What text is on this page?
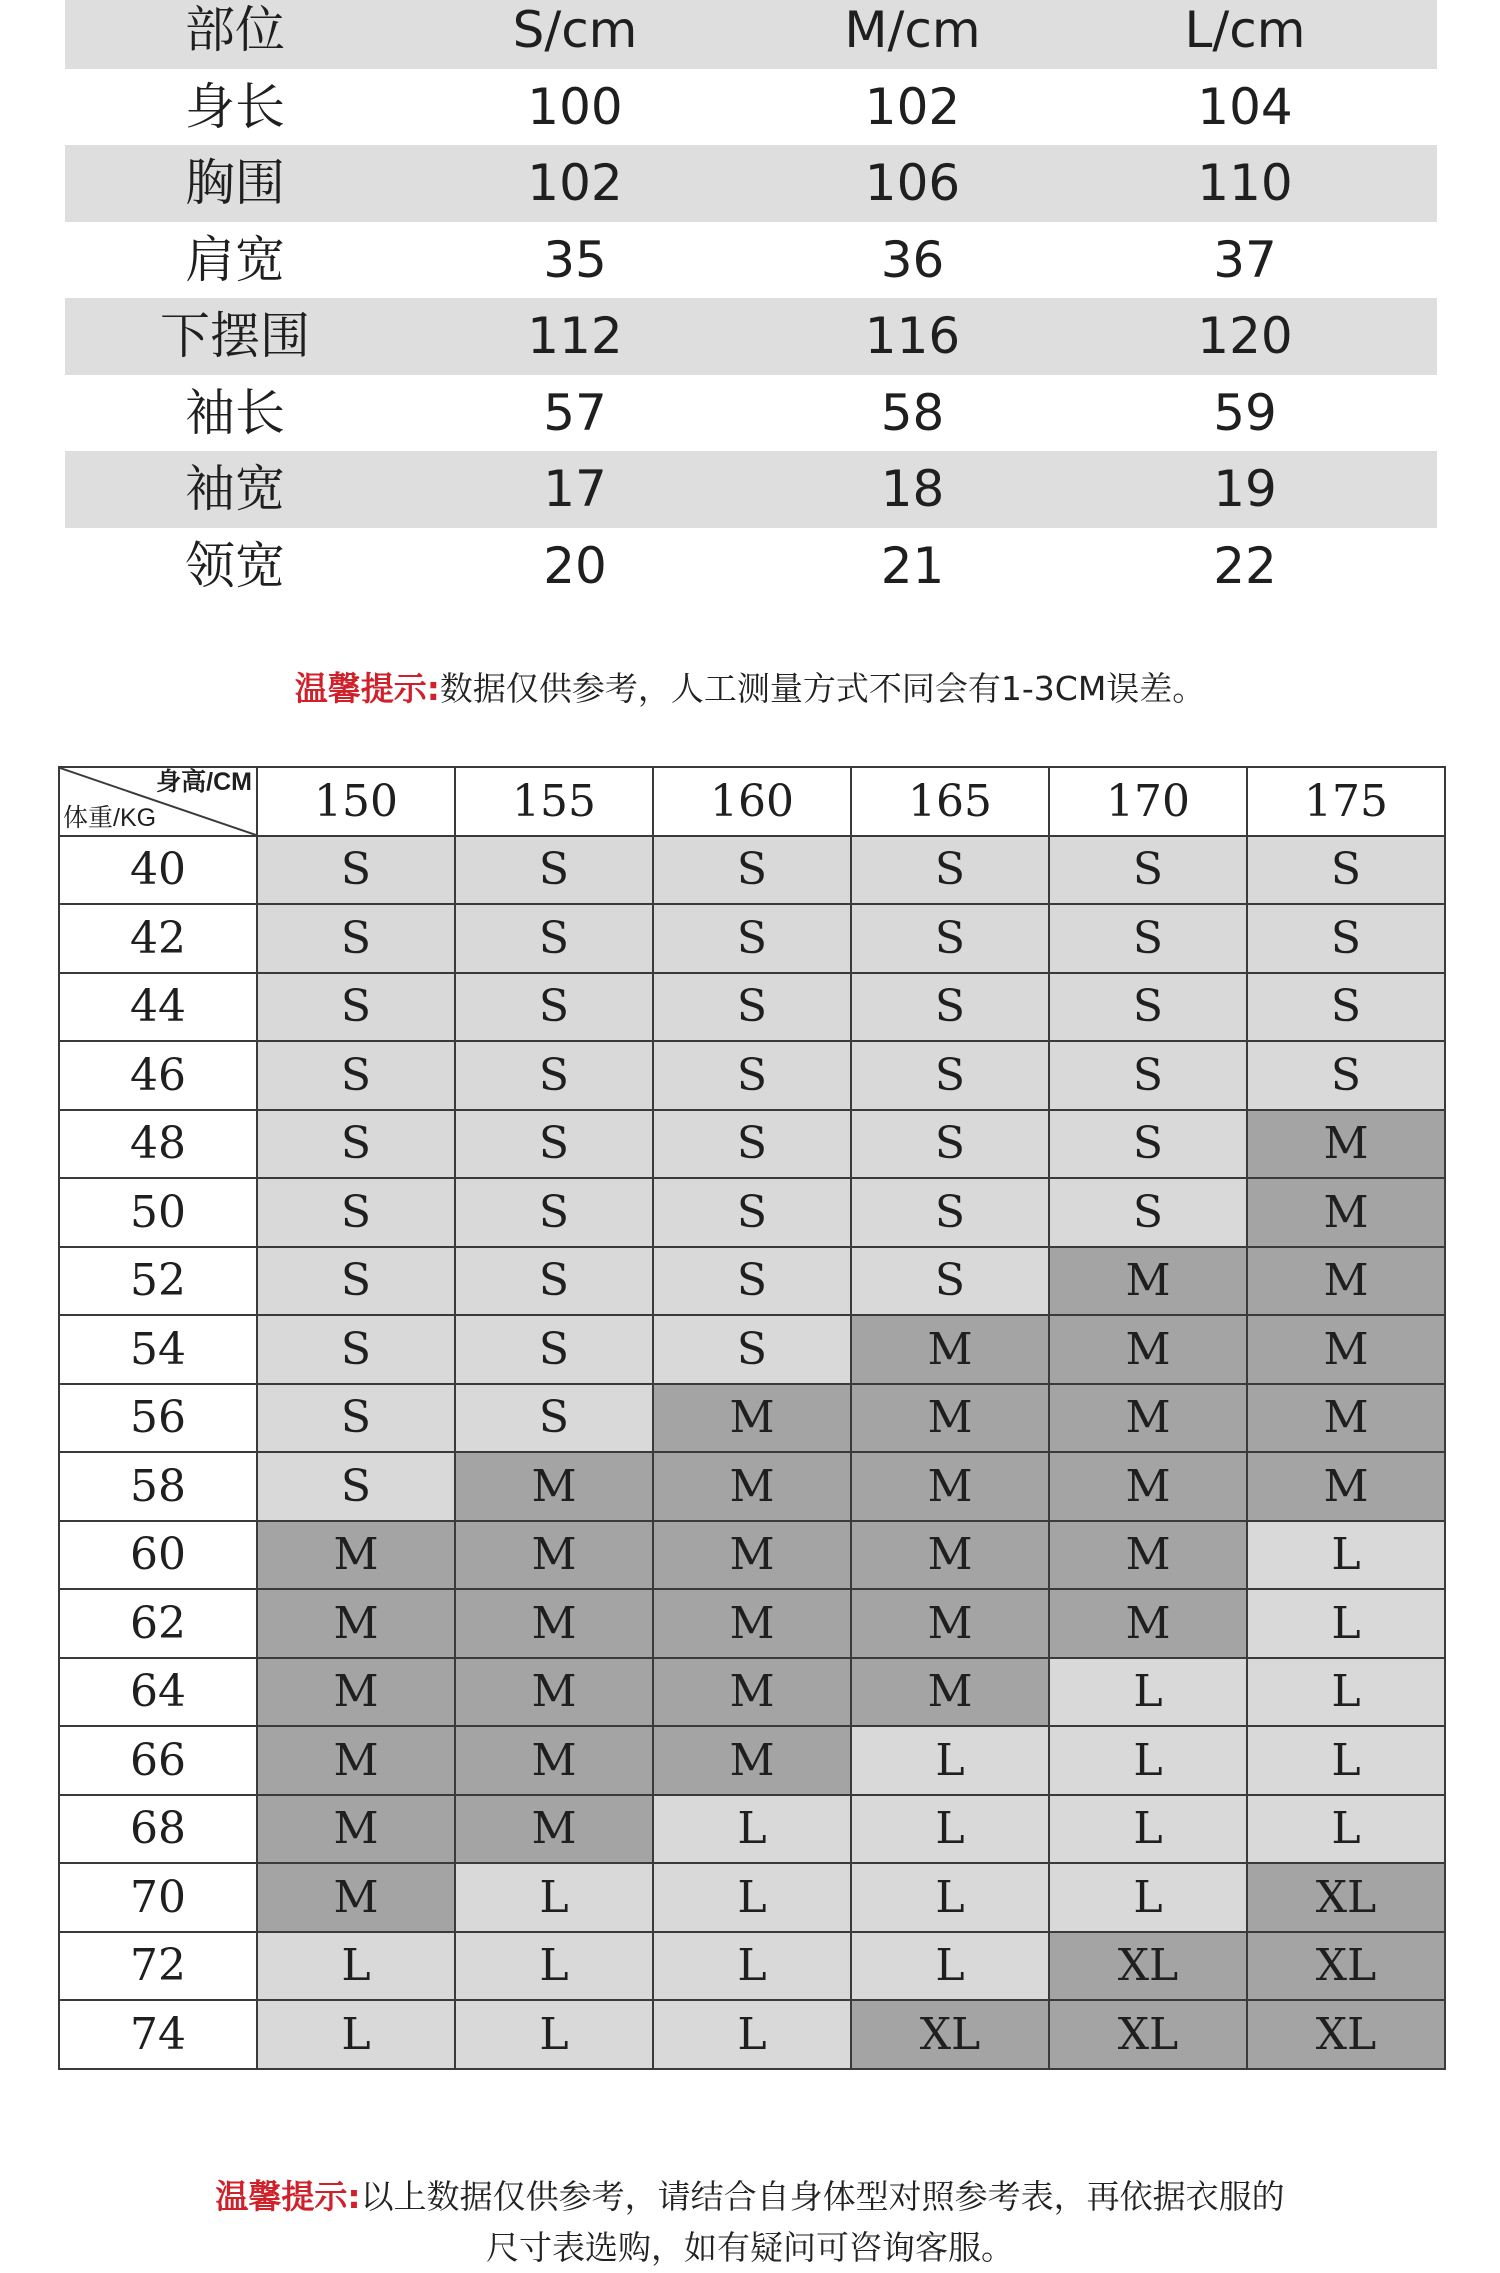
部位	S/cm	M/cm	L/cm
身长	100	102	104
胸围	102	106	110
肩宽	35	36	37
下摆围	112	116	120
袖长	57	58	59
袖宽	17	18	19
领宽	20	21	22
温馨提示:数据仅供参考，人工测量方式不同会有1-3CM误差。
身高/CM
体重/KG	150	155	160	165	170	175
40	S	S	S	S	S	S
42	S	S	S	S	S	S
44	S	S	S	S	S	S
46	S	S	S	S	S	S
48	S	S	S	S	S	M
50	S	S	S	S	S	M
52	S	S	S	S	M	M
54	S	S	S	M	M	M
56	S	S	M	M	M	M
58	S	M	M	M	M	M
60	M	M	M	M	M	L
62	M	M	M	M	M	L
64	M	M	M	M	L	L
66	M	M	M	L	L	L
68	M	M	L	L	L	L
70	M	L	L	L	L	XL
72	L	L	L	L	XL	XL
74	L	L	L	XL	XL	XL
温馨提示:以上数据仅供参考，请结合自身体型对照参考表，再依据衣服的
尺寸表选购，如有疑问可咨询客服。
